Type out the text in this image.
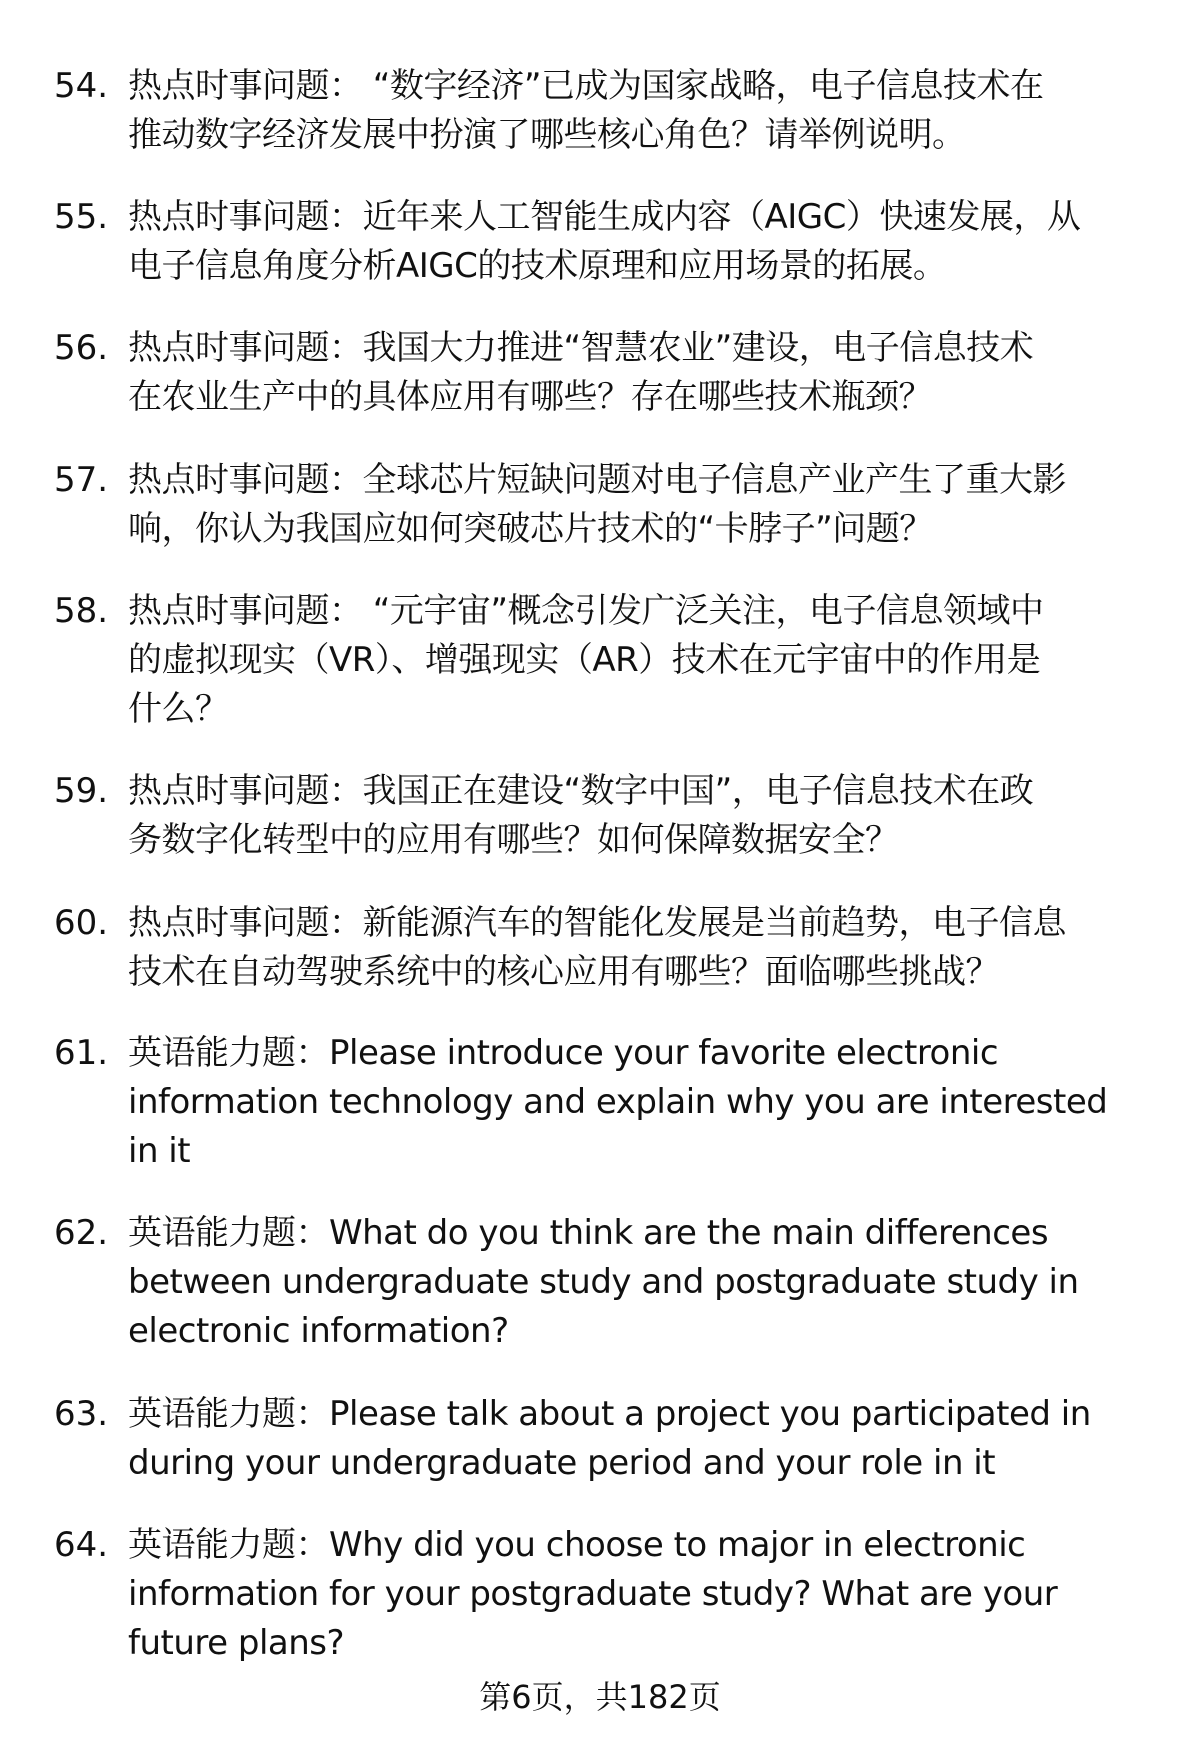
54. 热点时事问题： “数字经济”已成为国家战略，电子信息技术在
推动数字经济发展中扮演了哪些核心角色？请举例说明。
55. 热点时事问题：近年来人工智能生成内容（AIGC）快速发展，从
电子信息角度分析AIGC的技术原理和应用场景的拓展。
56. 热点时事问题：我国大力推进“智慧农业”建设，电子信息技术
在农业生产中的具体应用有哪些？存在哪些技术瓶颈？
57. 热点时事问题：全球芯片短缺问题对电子信息产业产生了重大影
响，你认为我国应如何突破芯片技术的“卡脖子”问题？
58. 热点时事问题： “元宇宙”概念引发广泛关注，电子信息领域中
的虚拟现实（VR）、增强现实（AR）技术在元宇宙中的作用是
什么？
59. 热点时事问题：我国正在建设“数字中国”，电子信息技术在政
务数字化转型中的应用有哪些？如何保障数据安全？
60. 热点时事问题：新能源汽车的智能化发展是当前趋势，电子信息
技术在自动驾驶系统中的核心应用有哪些？面临哪些挑战？
61. 英语能力题：Please introduce your favorite electronic
information technology and explain why you are interested
in it
62. 英语能力题：What do you think are the main differences
between undergraduate study and postgraduate study in
electronic information?
63. 英语能力题：Please talk about a project you participated in
during your undergraduate period and your role in it
64. 英语能力题：Why did you choose to major in electronic
information for your postgraduate study? What are your
future plans?
第6页，共182页
